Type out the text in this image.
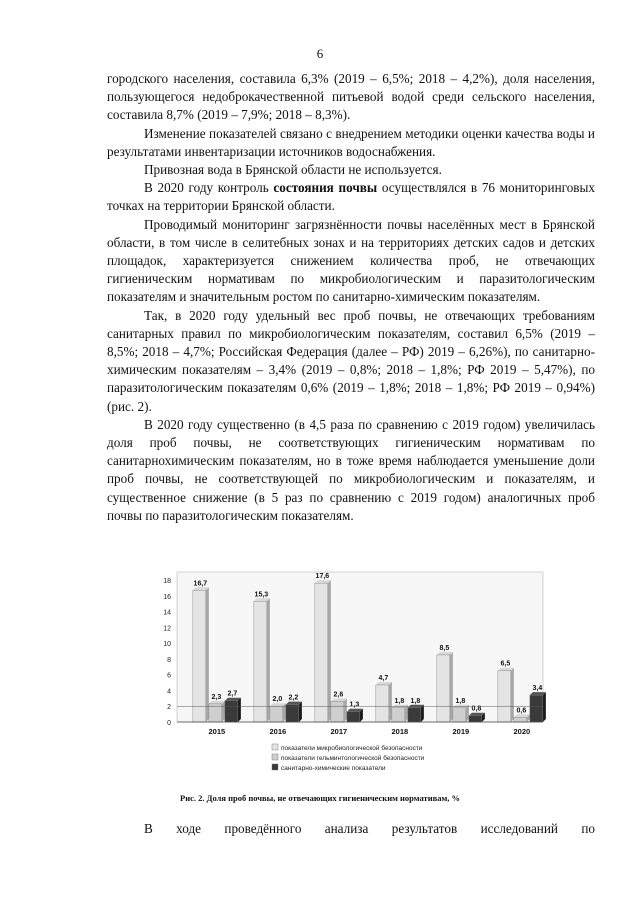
6

городского населения, составила 6,3% (2019 – 6,5%; 2018 – 4,2%), доля населения, пользующегося недоброкачественной питьевой водой среди сельского населения, составила 8,7% (2019 – 7,9%; 2018 – 8,3%).

Изменение показателей связано с внедрением методики оценки качества воды и результатами инвентаризации источников водоснабжения.

Привозная вода в Брянской области не используется.

В 2020 году контроль состояния почвы осуществлялся в 76 мониторинговых точках на территории Брянской области.

Проводимый мониторинг загрязнённости почвы населённых мест в Брянской области, в том числе в селитебных зонах и на территориях детских садов и детских площадок, характеризуется снижением количества проб, не отвечающих гигиеническим нормативам по микробиологическим и паразитологическим показателям и значительным ростом по санитарно-химическим показателям.

Так, в 2020 году удельный вес проб почвы, не отвечающих требованиям санитарных правил по микробиологическим показателям, составил 6,5% (2019 – 8,5%; 2018 – 4,7%; Российская Федерация (далее – РФ) 2019 – 6,26%), по санитарно-химическим показателям – 3,4% (2019 – 0,8%; 2018 – 1,8%; РФ 2019 – 5,47%), по паразитологическим показателям 0,6% (2019 – 1,8%; 2018 – 1,8%; РФ 2019 – 0,94%) (рис. 2).

В 2020 году существенно (в 4,5 раза по сравнению с 2019 годом) увеличилась доля проб почвы, не соответствующих гигиеническим нормативам по санитарнохимическим показателям, но в тоже время наблюдается уменьшение доли проб почвы, не соответствующей по микробиологическим и показателям, и существенное снижение (в 5 раз по сравнению с 2019 годом) аналогичных проб почвы по паразитологическим показателям.

0
2
4
6
8
10
12
14
16
18	16,7
2,3 2,7
15,3
2,0 2,2
17,6
2,6
1,3
4,7
1,8 1,8
8,5
1,8
0,8
6,5
0,6
3,4
2015	2016	2017	2018	2019	2020
показатели микробиологической безопасности
показатели гельминтологической безопасности
санитарно-химические показатели
Рис. 2. Доля проб почвы, не отвечающих гигиеническим нормативам, %
В ходе проведённого анализа результатов исследований по
